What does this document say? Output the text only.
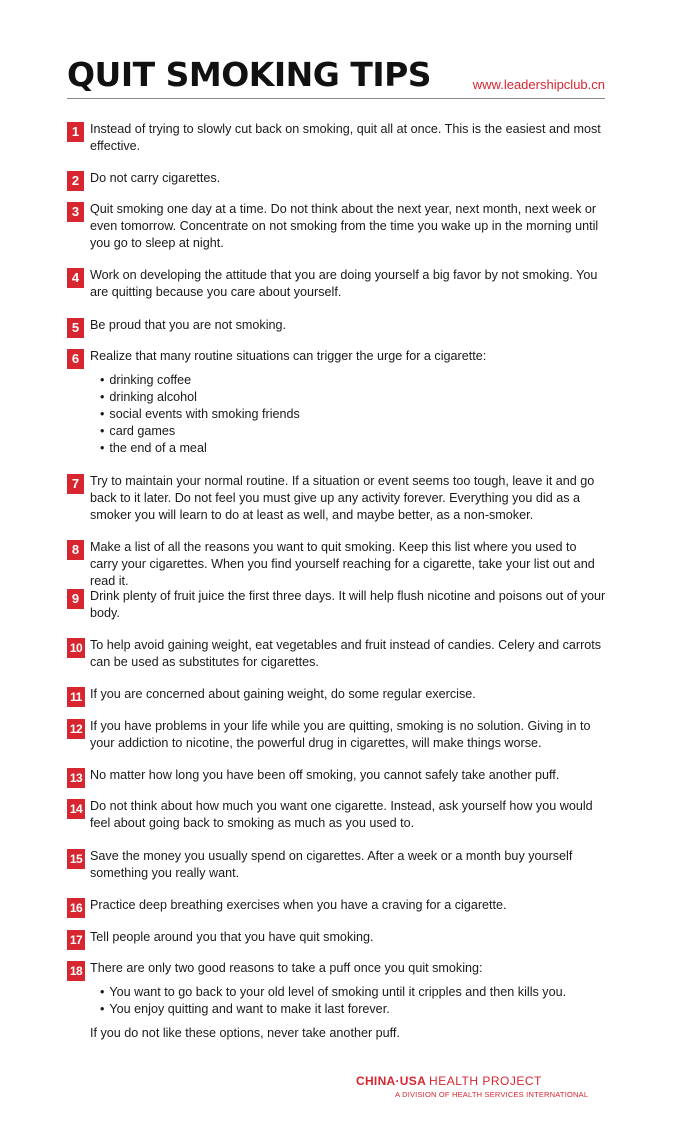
QUIT SMOKING TIPS	www.leadershipclub.cn
1 Instead of trying to slowly cut back on smoking, quit all at once. This is the easiest and most effective.
2 Do not carry cigarettes.
3 Quit smoking one day at a time. Do not think about the next year, next month, next week or even tomorrow. Concentrate on not smoking from the time you wake up in the morning until you go to sleep at night.
4 Work on developing the attitude that you are doing yourself a big favor by not smoking. You are quitting because you care about yourself.
5 Be proud that you are not smoking.
6 Realize that many routine situations can trigger the urge for a cigarette:
• drinking coffee
• drinking alcohol
• social events with smoking friends
• card games
• the end of a meal
7 Try to maintain your normal routine. If a situation or event seems too tough, leave it and go back to it later. Do not feel you must give up any activity forever. Everything you did as a smoker you will learn to do at least as well, and maybe better, as a non-smoker.
8 Make a list of all the reasons you want to quit smoking. Keep this list where you used to carry your cigarettes. When you find yourself reaching for a cigarette, take your list out and read it.
9 Drink plenty of fruit juice the first three days. It will help flush nicotine and poisons out of your body.
10 To help avoid gaining weight, eat vegetables and fruit instead of candies. Celery and carrots can be used as substitutes for cigarettes.
11 If you are concerned about gaining weight, do some regular exercise.
12 If you have problems in your life while you are quitting, smoking is no solution. Giving in to your addiction to nicotine, the powerful drug in cigarettes, will make things worse.
13 No matter how long you have been off smoking, you cannot safely take another puff.
14 Do not think about how much you want one cigarette. Instead, ask yourself how you would feel about going back to smoking as much as you used to.
15 Save the money you usually spend on cigarettes. After a week or a month buy yourself something you really want.
16 Practice deep breathing exercises when you have a craving for a cigarette.
17 Tell people around you that you have quit smoking.
18 There are only two good reasons to take a puff once you quit smoking:
• You want to go back to your old level of smoking until it cripples and then kills you.
• You enjoy quitting and want to make it last forever.
If you do not like these options, never take another puff.
CHINA·USA HEALTH PROJECT
A DIVISION OF HEALTH SERVICES INTERNATIONAL
